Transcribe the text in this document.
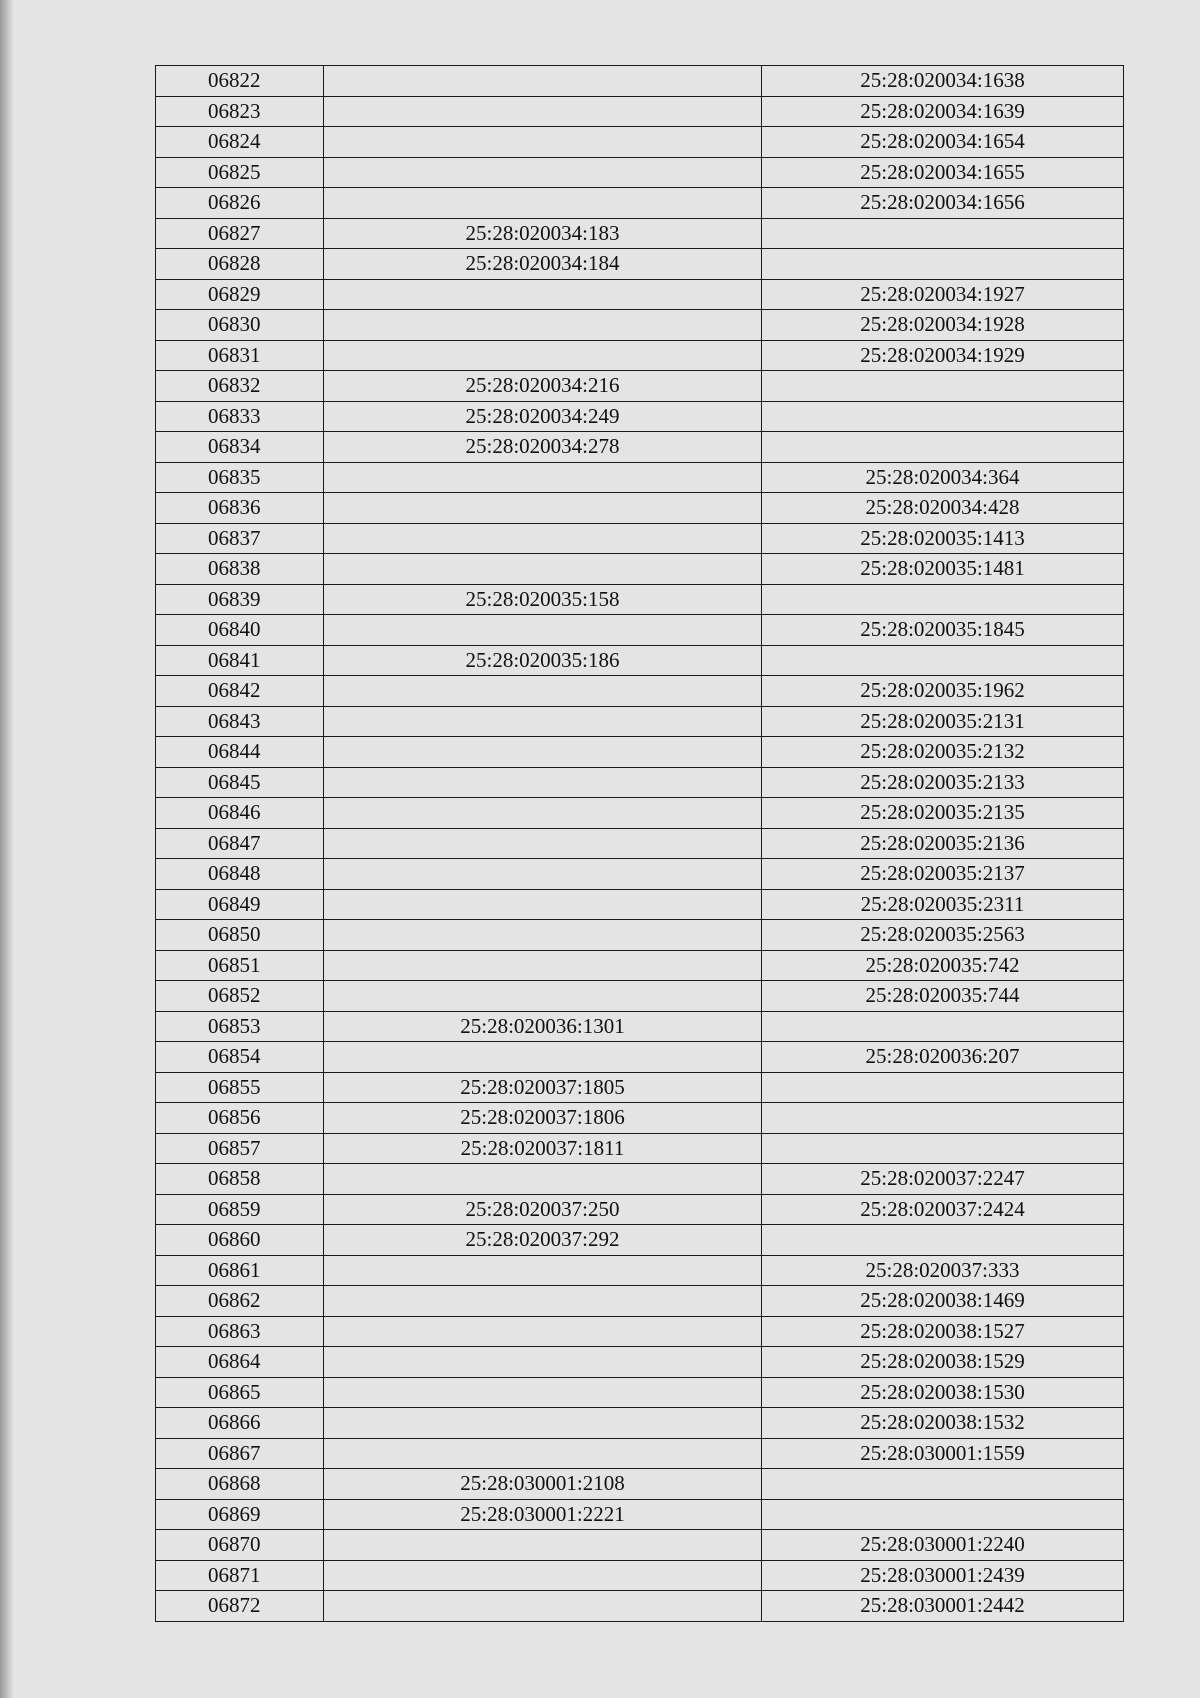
06822		25:28:020034:1638
06823		25:28:020034:1639
06824		25:28:020034:1654
06825		25:28:020034:1655
06826		25:28:020034:1656
06827	25:28:020034:183	
06828	25:28:020034:184	
06829		25:28:020034:1927
06830		25:28:020034:1928
06831		25:28:020034:1929
06832	25:28:020034:216	
06833	25:28:020034:249	
06834	25:28:020034:278	
06835		25:28:020034:364
06836		25:28:020034:428
06837		25:28:020035:1413
06838		25:28:020035:1481
06839	25:28:020035:158	
06840		25:28:020035:1845
06841	25:28:020035:186	
06842		25:28:020035:1962
06843		25:28:020035:2131
06844		25:28:020035:2132
06845		25:28:020035:2133
06846		25:28:020035:2135
06847		25:28:020035:2136
06848		25:28:020035:2137
06849		25:28:020035:2311
06850		25:28:020035:2563
06851		25:28:020035:742
06852		25:28:020035:744
06853	25:28:020036:1301	
06854		25:28:020036:207
06855	25:28:020037:1805	
06856	25:28:020037:1806	
06857	25:28:020037:1811	
06858		25:28:020037:2247
06859	25:28:020037:250	25:28:020037:2424
06860	25:28:020037:292	
06861		25:28:020037:333
06862		25:28:020038:1469
06863		25:28:020038:1527
06864		25:28:020038:1529
06865		25:28:020038:1530
06866		25:28:020038:1532
06867		25:28:030001:1559
06868	25:28:030001:2108	
06869	25:28:030001:2221	
06870		25:28:030001:2240
06871		25:28:030001:2439
06872		25:28:030001:2442
